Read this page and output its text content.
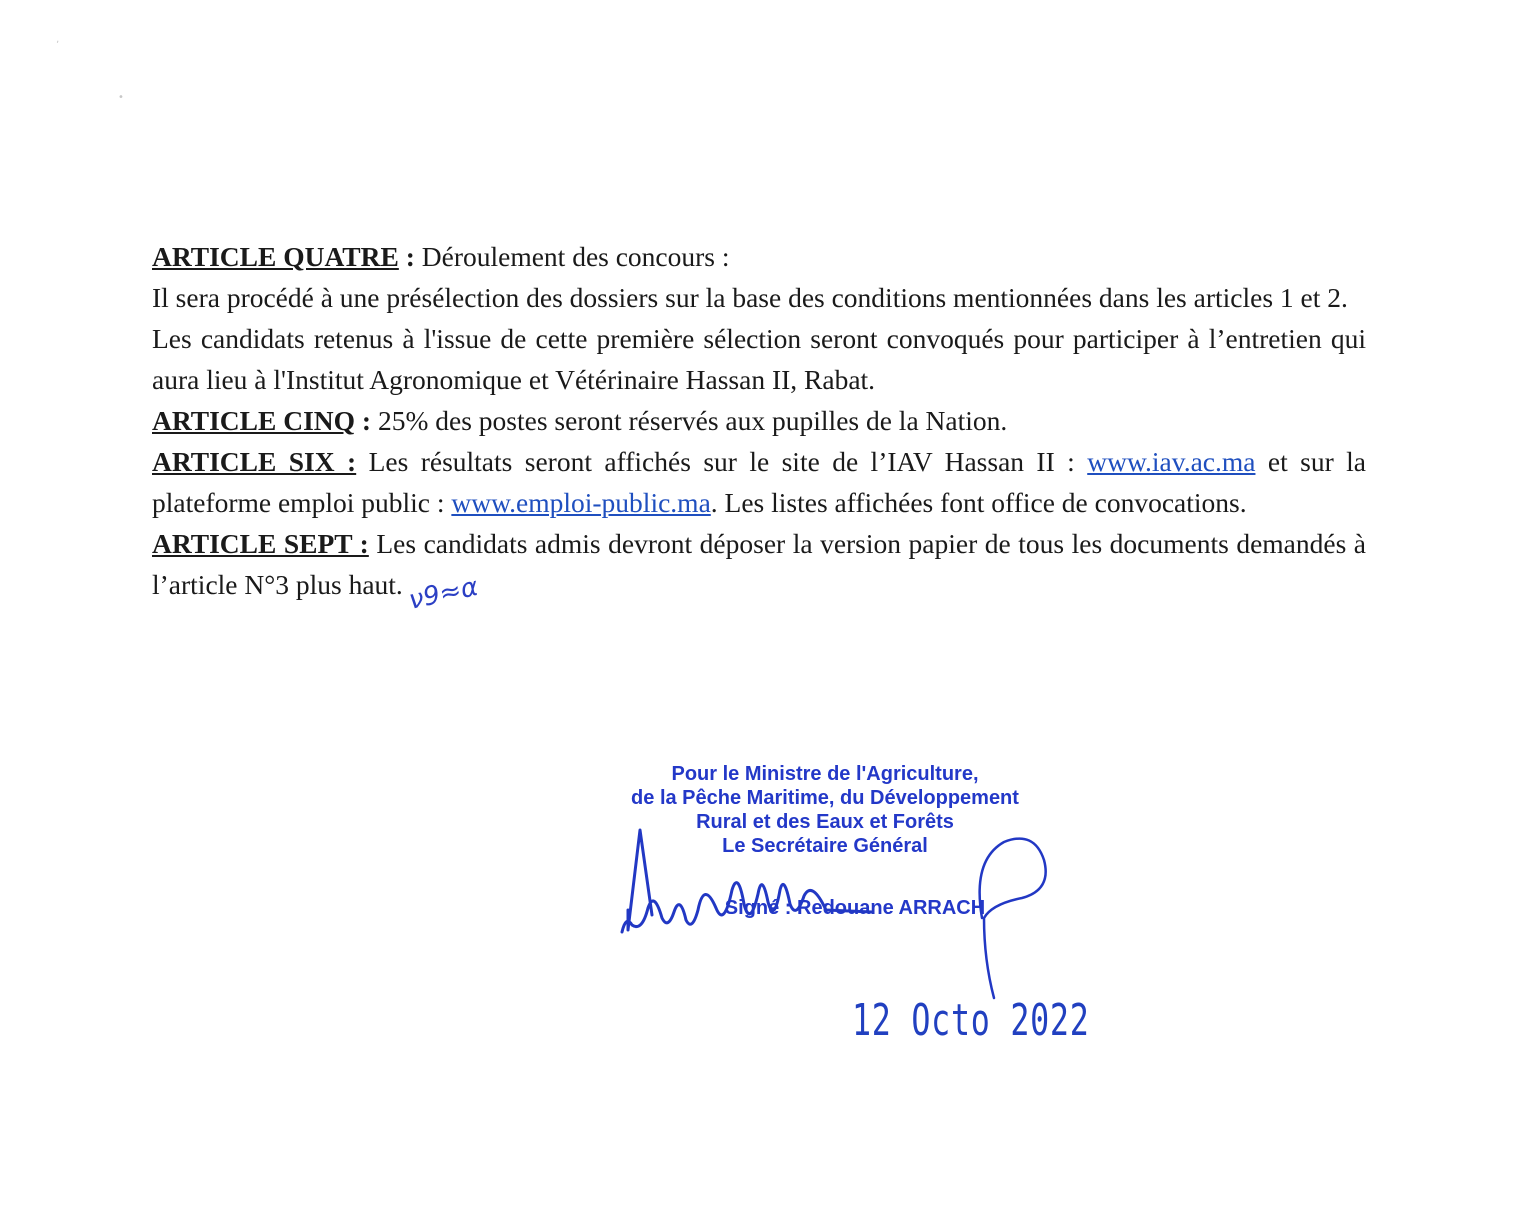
ʼ
•

ARTICLE QUATRE : Déroulement des concours :

Il sera procédé à une présélection des dossiers sur la base des conditions mentionnées dans les articles 1 et 2.

Les candidats retenus à l'issue de cette première sélection seront convoqués pour participer à l’entretien qui aura lieu à l'Institut Agronomique et Vétérinaire Hassan II, Rabat.

ARTICLE CINQ : 25% des postes seront réservés aux pupilles de la Nation.

ARTICLE SIX : Les résultats seront affichés sur le site de l’IAV Hassan II : www.iav.ac.ma et sur la plateforme emploi public : www.emploi-public.ma. Les listes affichées font office de convocations.

ARTICLE SEPT : Les candidats admis devront déposer la version papier de tous les documents demandés à l’article N°3 plus haut. ν9≈α

Pour le Ministre de l'Agriculture,
de la Pêche Maritime, du Développement
Rural et des Eaux et Forêts
Le Secrétaire Général
Signé : Redouane ARRACH
12 Octo 2022
